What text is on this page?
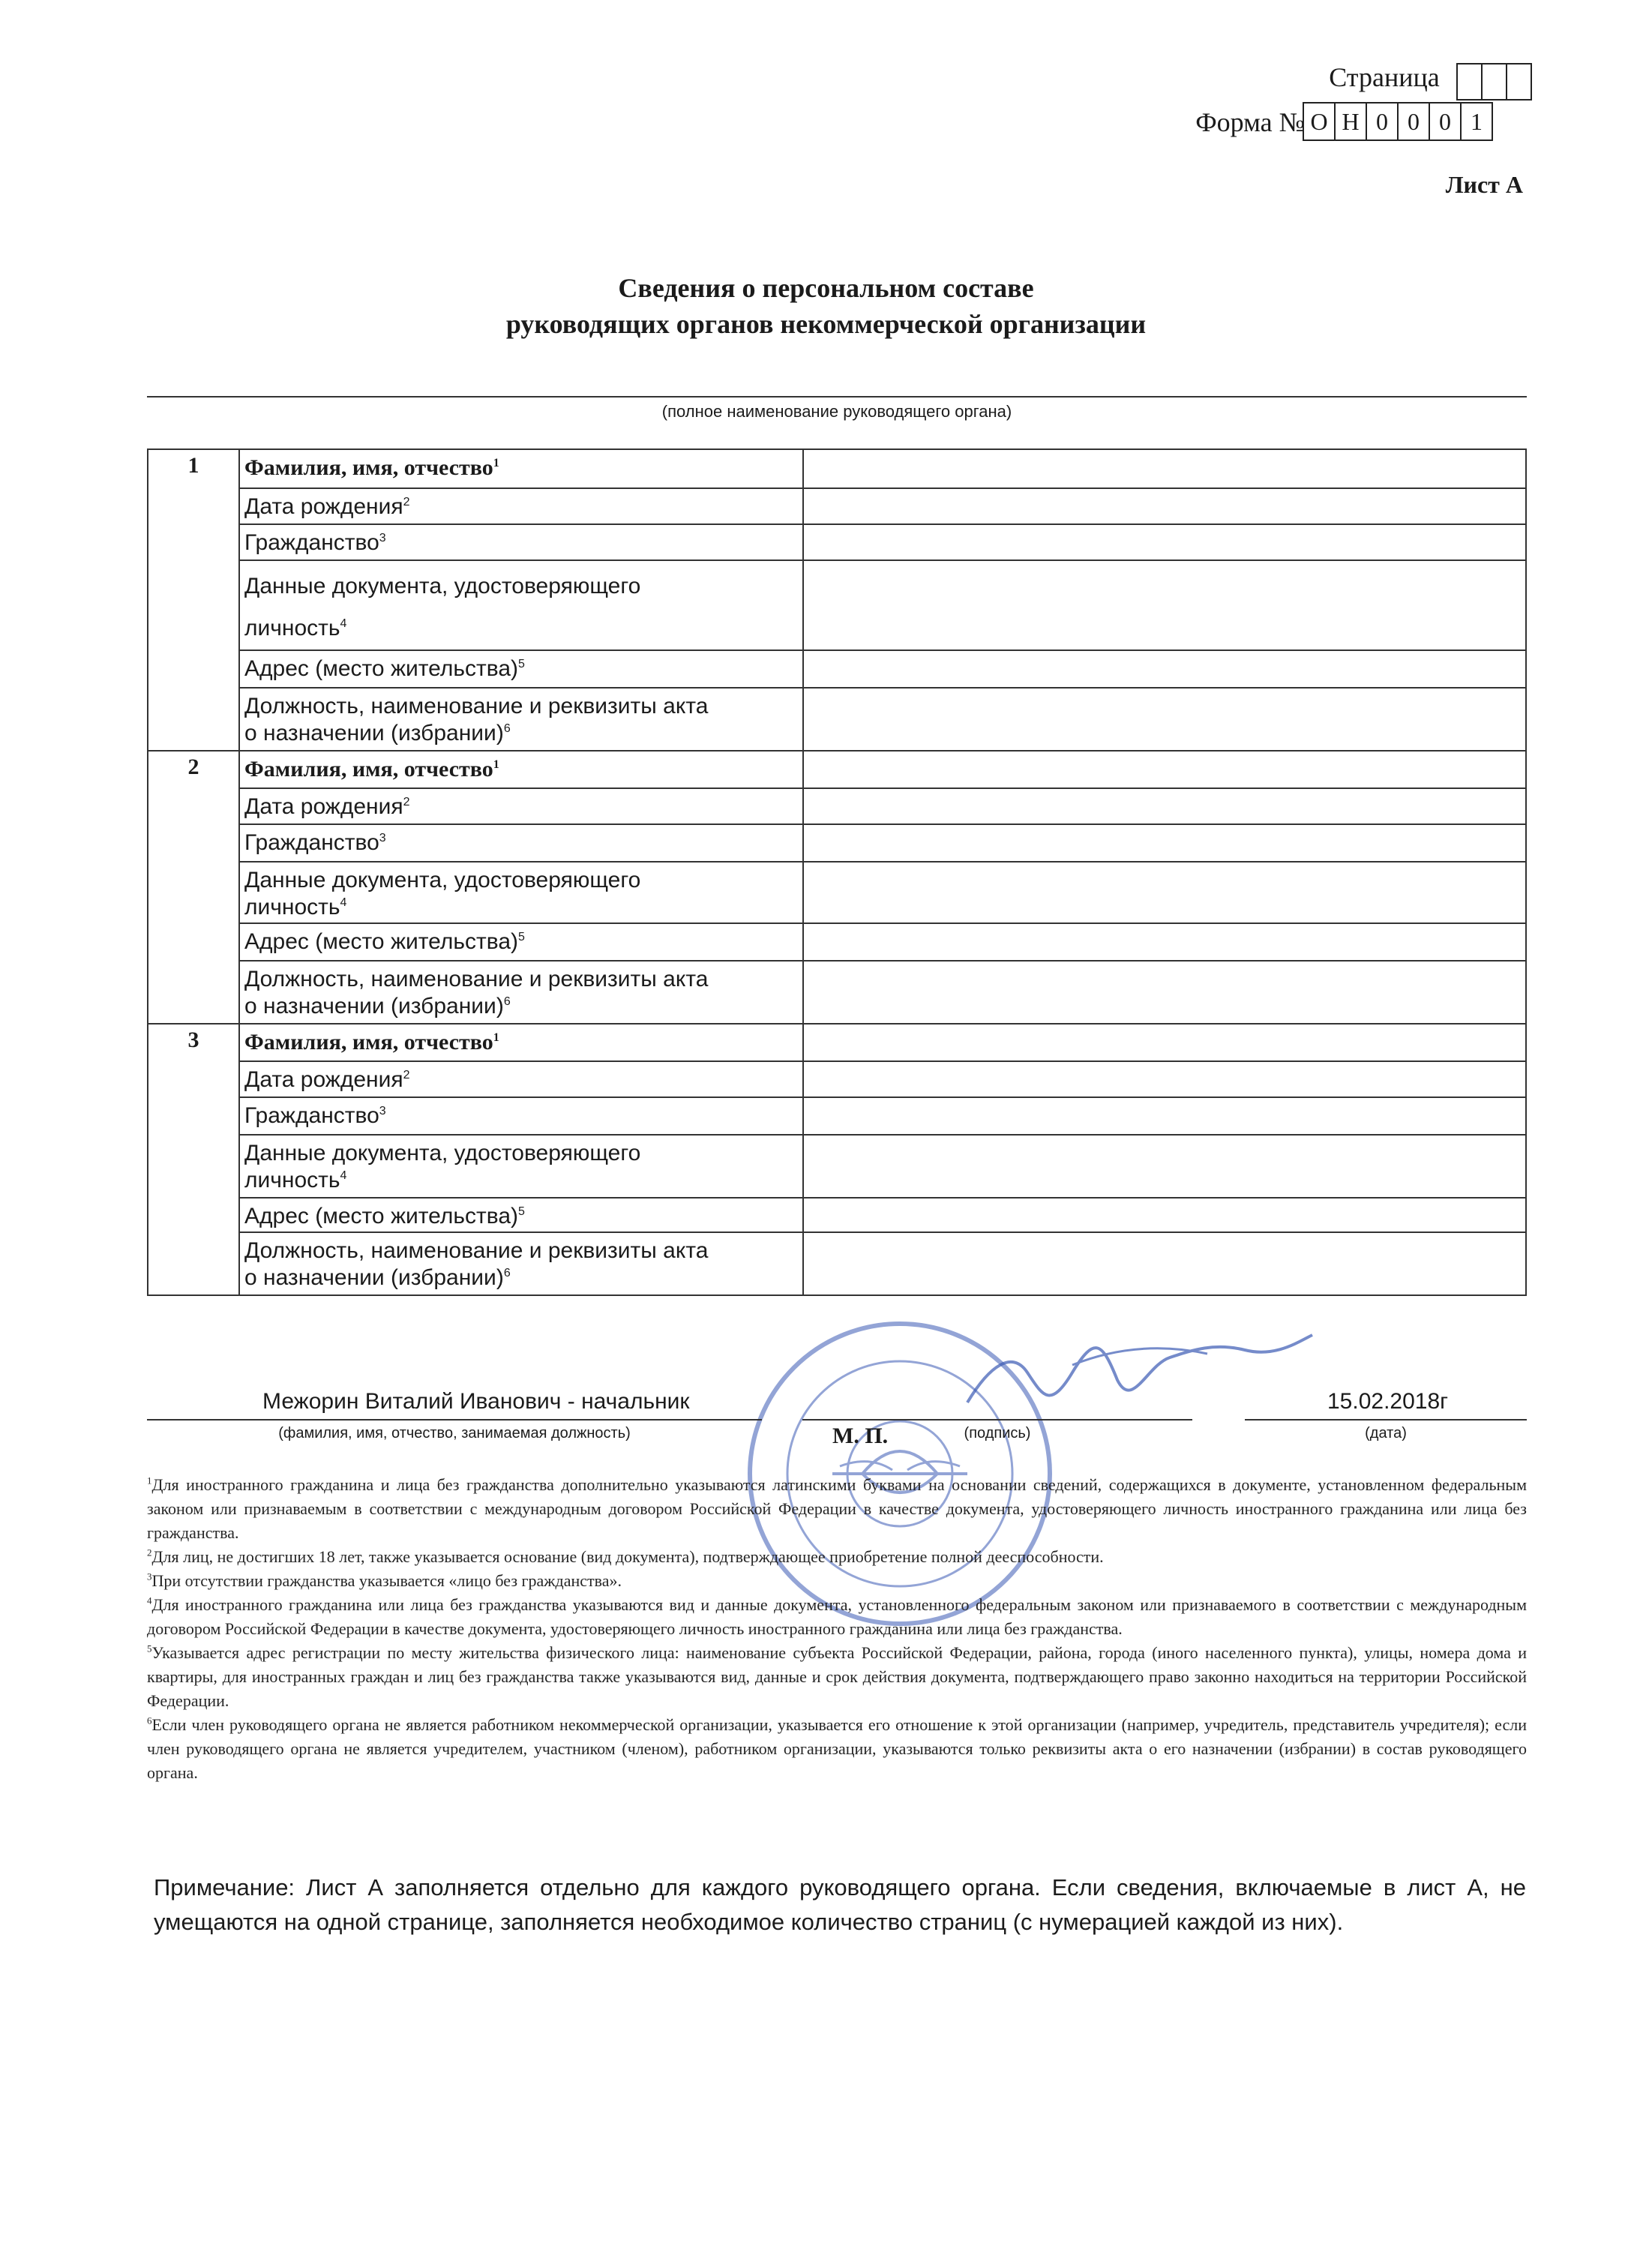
Страница
Форма № О Н 0 0 0 1
Лист А
Сведения о персональном составе
руководящих органов некоммерческой организации
(полное наименование руководящего органа)
1	Фамилия, имя, отчество$^1$	
	Дата рождения$^2$	
	Гражданство$^3$	
	Данные документа, удостоверяющего
личность$^4$	
	Адрес (место жительства)$^5$	
	Должность, наименование и реквизиты акта
о назначении (избрании)$^6$	
2	Фамилия, имя, отчество$^1$	
	Дата рождения$^2$	
	Гражданство$^3$	
	Данные документа, удостоверяющего
личность$^4$	
	Адрес (место жительства)$^5$	
	Должность, наименование и реквизиты акта
о назначении (избрании)$^6$	
3	Фамилия, имя, отчество$^1$	
	Дата рождения$^2$	
	Гражданство$^3$	
	Данные документа, удостоверяющего
личность$^4$	
	Адрес (место жительства)$^5$	
	Должность, наименование и реквизиты акта
о назначении (избрании)$^6$	
Межорин Виталий Иванович - начальник
(фамилия, имя, отчество, занимаемая должность)	(подпись)	(дата)
15.02.2018г
М. П.

$^1$Для иностранного гражданина и лица без гражданства дополнительно указываются латинскими буквами на основании сведений, содержащихся в документе, установленном федеральным законом или признаваемым в соответствии с международным договором Российской Федерации в качестве документа, удостоверяющего личность иностранного гражданина или лица без гражданства.

$^2$Для лиц, не достигших 18 лет, также указывается основание (вид документа), подтверждающее приобретение полной дееспособности.

$^3$При отсутствии гражданства указывается «лицо без гражданства».

$^4$Для иностранного гражданина или лица без гражданства указываются вид и данные документа, установленного федеральным законом или признаваемого в соответствии с международным договором Российской Федерации в качестве документа, удостоверяющего личность иностранного гражданина или лица без гражданства.

$^5$Указывается адрес регистрации по месту жительства физического лица: наименование субъекта Российской Федерации, района, города (иного населенного пункта), улицы, номера дома и квартиры, для иностранных граждан и лиц без гражданства также указываются вид, данные и срок действия документа, подтверждающего право законно находиться на территории Российской Федерации.

$^6$Если член руководящего органа не является работником некоммерческой организации, указывается его отношение к этой организации (например, учредитель, представитель учредителя); если член руководящего органа не является учредителем, участником (членом), работником организации, указываются только реквизиты акта о его назначении (избрании) в состав руководящего органа.

Примечание: Лист А заполняется отдельно для каждого руководящего органа. Если сведения, включаемые в лист А, не умещаются на одной странице, заполняется необходимое количество страниц (с нумерацией каждой из них).
